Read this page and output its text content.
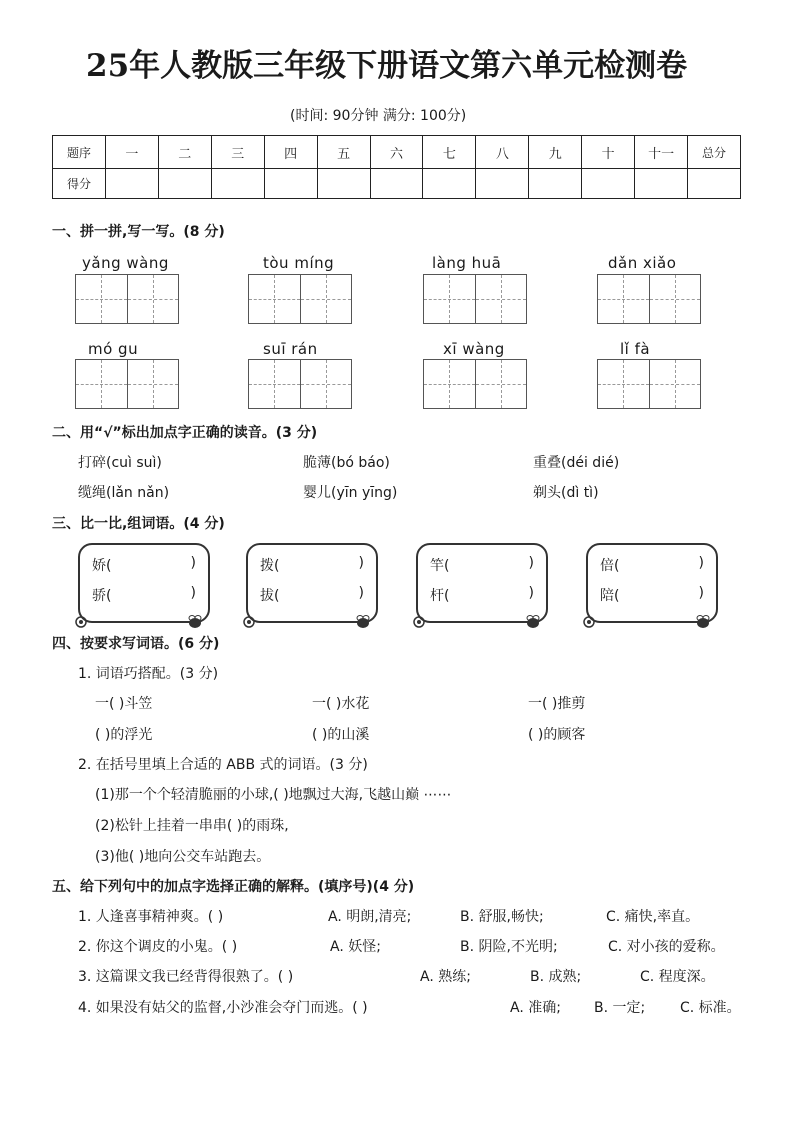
25年人教版三年级下册语文第六单元检测卷
(时间: 90分钟 满分: 100分)
题序	一	二	三	四	五	六	七	八	九	十	十一	总分
得分												
一、拼一拼,写一写。(8 分)
yǎng wàng	tòu míng	làng huā	dǎn xiǎo
mó gu	suī rán	xī wàng	lǐ fà
二、用“√”标出加点字正确的读音。(3 分)
打碎(cuì suì)	脆薄(bó báo)	重叠(déi dié)
缆绳(lǎn nǎn)	婴儿(yīn yīng)	剃头(dì tì)
三、比一比,组词语。(4 分)
娇(	)
骄(	)
拨(	)
拔(	)
竿(	)
杆(	)
倍(	)
陪(	)
四、按要求写词语。(6 分)
1. 词语巧搭配。(3 分)
一( )斗笠	一( )水花	一( )推剪
( )的浮光	( )的山溪	( )的顾客
2. 在括号里填上合适的 ABB 式的词语。(3 分)
(1)那一个个轻清脆丽的小球,( )地飘过大海,飞越山巅 ⋯⋯
(2)松针上挂着一串串( )的雨珠,
(3)他( )地向公交车站跑去。
五、给下列句中的加点字选择正确的解释。(填序号)(4 分)
1. 人逢喜事精神爽。( )	A. 明朗,清亮;	B. 舒服,畅快;	C. 痛快,率直。
2. 你这个调皮的小鬼。( )	A. 妖怪;	B. 阴险,不光明;	C. 对小孩的爱称。
3. 这篇课文我已经背得很熟了。( )	A. 熟练;	B. 成熟;	C. 程度深。
4. 如果没有姑父的监督,小沙准会夺门而逃。( )	A. 准确; B. 一定; C. 标准。
